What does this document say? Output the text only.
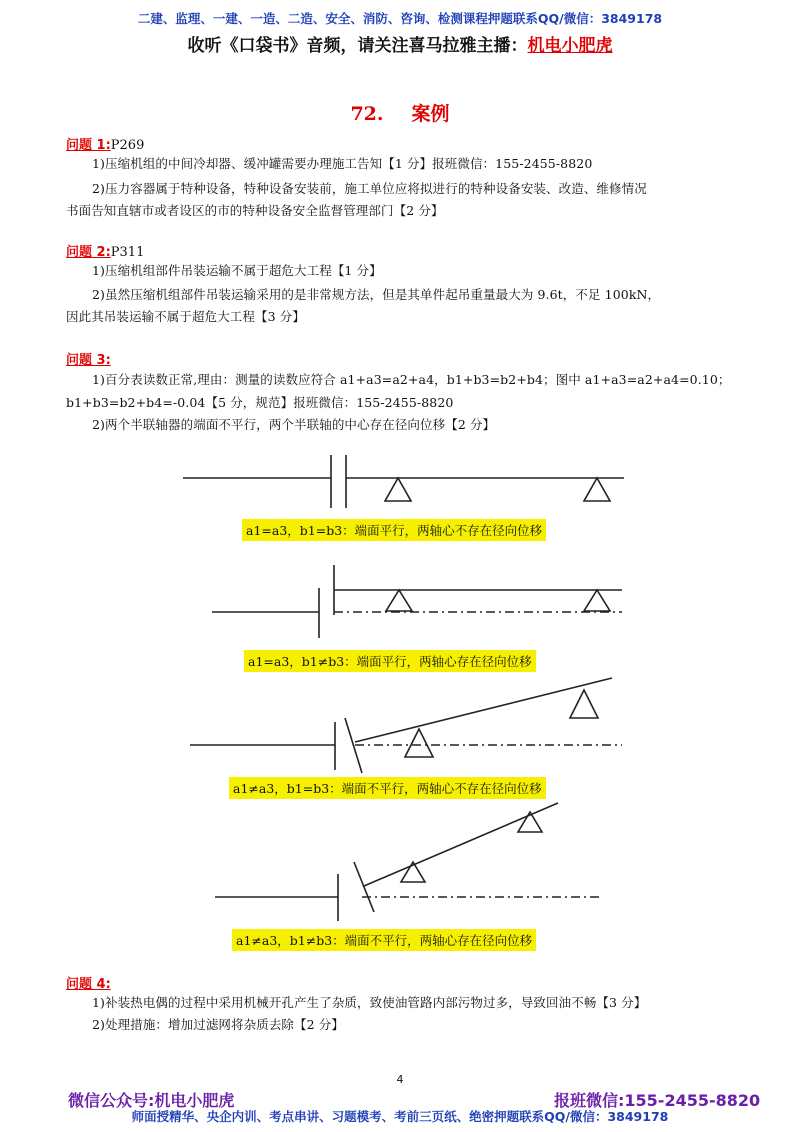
二建、监理、一建、一造、二造、安全、消防、咨询、检测课程押题联系QQ/微信：3849178
收听《口袋书》音频，请关注喜马拉雅主播：机电小肥虎
72. 案例
问题 1:P269
1)压缩机组的中间冷却器、缓冲罐需要办理施工告知【1 分】报班微信：155-2455-8820
2)压力容器属于特种设备，特种设备安装前，施工单位应将拟进行的特种设备安装、改造、维修情况
书面告知直辖市或者设区的市的特种设备安全监督管理部门【2 分】
问题 2:P311
1)压缩机组部件吊装运输不属于超危大工程【1 分】
2)虽然压缩机组部件吊装运输采用的是非常规方法，但是其单件起吊重量最大为 9.6t，不足 100kN，
因此其吊装运输不属于超危大工程【3 分】
问题 3:
1)百分表读数正常,理由：测量的读数应符合 a1+a3=a2+a4，b1+b3=b2+b4；图中 a1+a3=a2+a4=0.10；
b1+b3=b2+b4=-0.04【5 分，规范】报班微信：155-2455-8820
2)两个半联轴器的端面不平行，两个半联轴的中心存在径向位移【2 分】
a1=a3，b1=b3：端面平行，两轴心不存在径向位移
a1=a3，b1≠b3：端面平行，两轴心存在径向位移
a1≠a3，b1=b3：端面不平行，两轴心不存在径向位移
a1≠a3，b1≠b3：端面不平行，两轴心存在径向位移
问题 4:
1)补装热电偶的过程中采用机械开孔产生了杂质，致使油管路内部污物过多，导致回油不畅【3 分】
2)处理措施：增加过滤网将杂质去除【2 分】
4
微信公众号:机电小肥虎	报班微信:155-2455-8820
师面授精华、央企内训、考点串讲、习题模考、考前三页纸、绝密押题联系QQ/微信：3849178
